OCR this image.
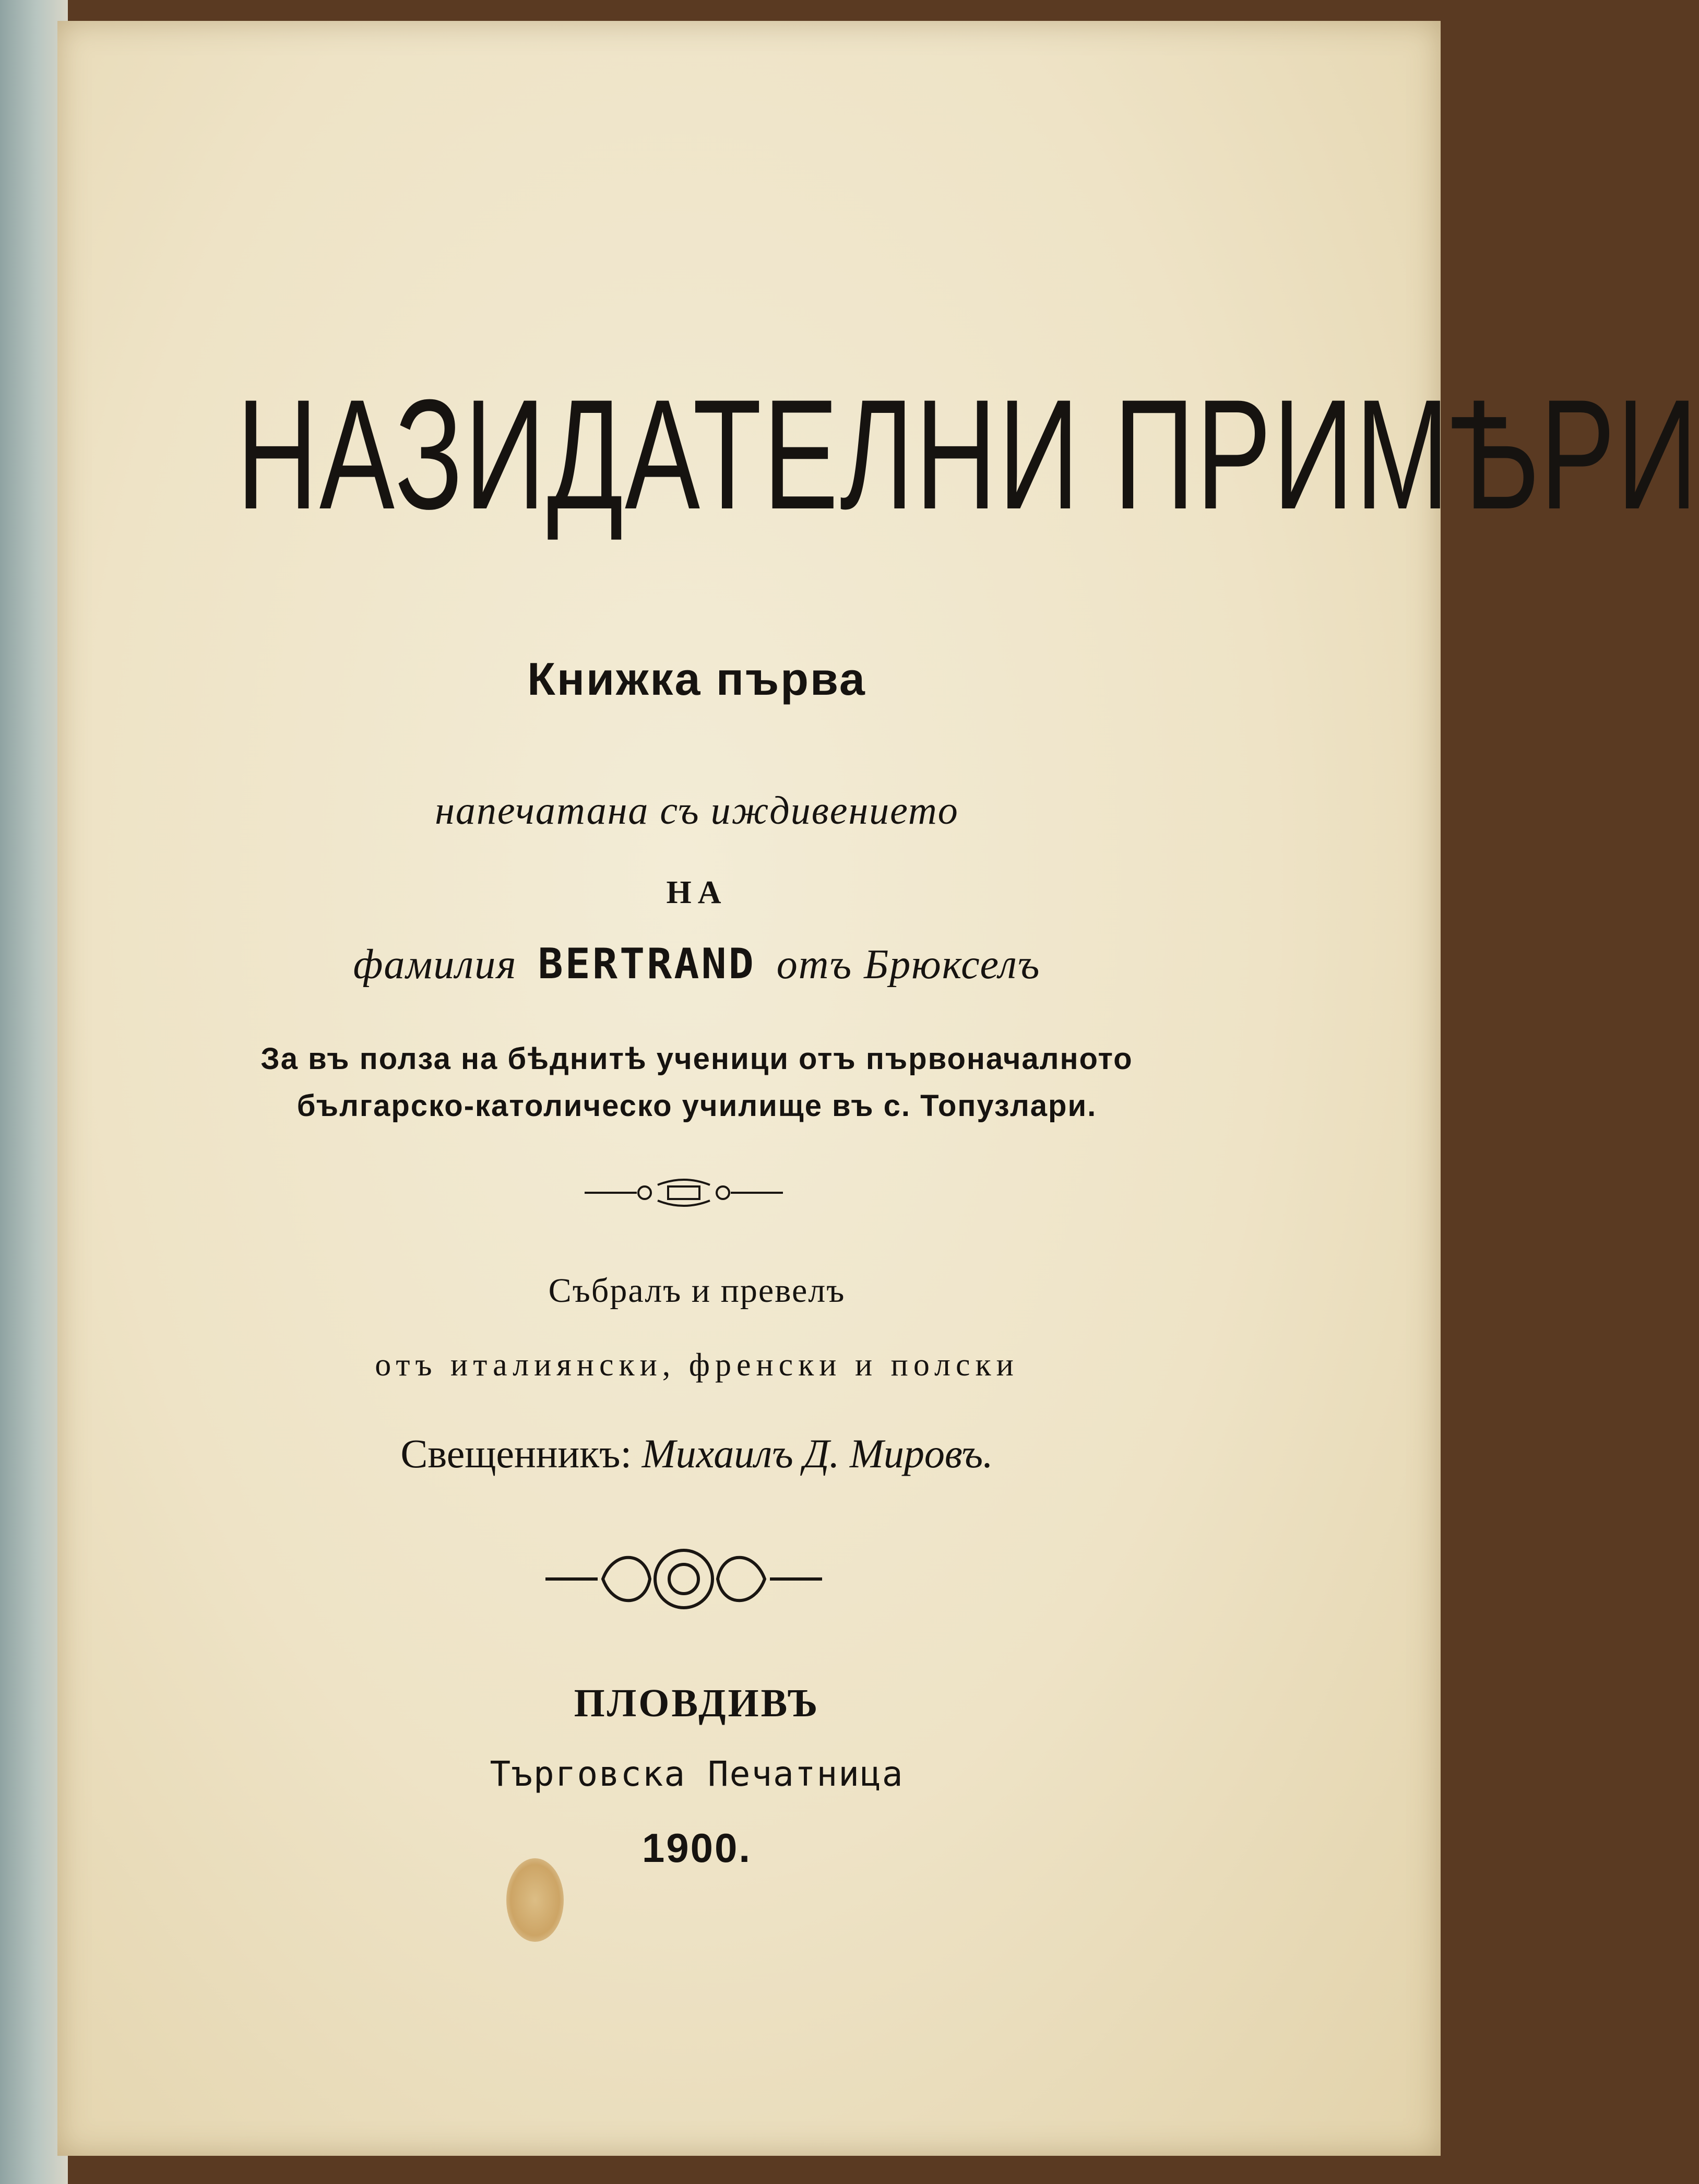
НАЗИДАТЕЛНИ ПРИМѢРИ
Книжка първа
напечатана съ иждивението
НА
фамилия BERTRAND отъ Брюкселъ
За въ полза на бѣднитѣ ученици отъ първоначалното
българско-католическо училище въ с. Топузлари.
Събралъ и превелъ
отъ италиянски, френски и полски
Свещенникъ: Михаилъ Д. Мировъ.
ПЛОВДИВЪ
Търговска Печатница
1900.
